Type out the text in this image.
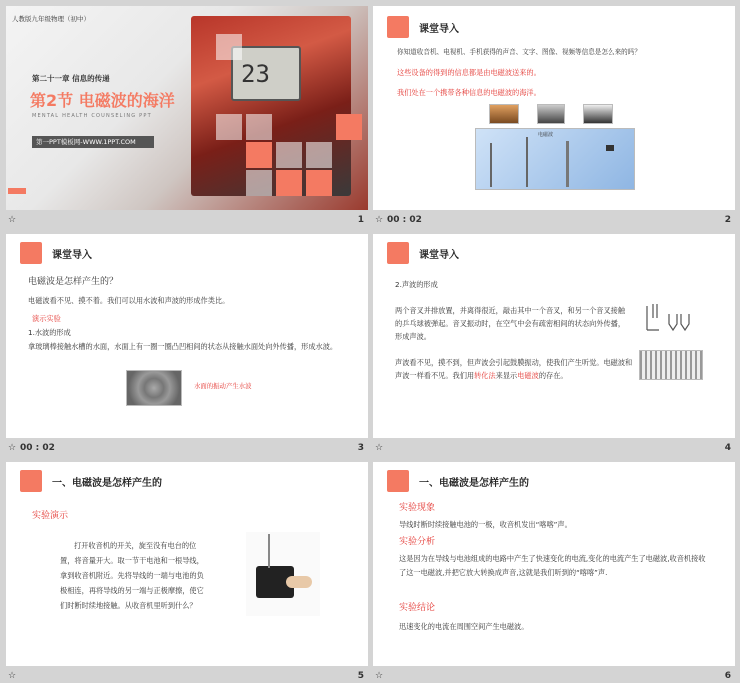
23
人教版九年级物理（初中）
第二十一章 信息的传递
第2节 电磁波的海洋
MENTAL HEALTH COUNSELING PPT
第一PPT模板网-WWW.1PPT.COM
☆	1
课堂导入
你知道收音机、电视机、手机获得的声音、文字、图像、视频等信息是怎么来的吗？
这些设备的得到的信息都是由电磁波送来的。
我们处在一个携带各种信息的电磁波的海洋。
电磁波
☆ 00 : 02	2
课堂导入
电磁波是怎样产生的？
电磁波看不见、摸不着。我们可以用水波和声波的形成作类比。
演示实验
1.水波的形成
拿玻璃棒接触水槽的水面，水面上有一圈一圈凸凹相间的状态从接触水面处向外传播，形成水波。
水面的振动产生水波
☆ 00 : 02	3
课堂导入
2.声波的形成
两个音叉并排放置，并离得很近，敲击其中一个音叉，和另一个音叉接触的乒乓球被弹起。音叉振动时，在空气中会有疏密相间的状态向外传播，形成声波。
声波看不见，摸不到，但声波会引起鼓膜振动，使我们产生听觉。电磁波和声波一样看不见。我们用转化法来显示电磁波的存在。
☆	4
一、电磁波是怎样产生的
实验演示
打开收音机的开关，旋至没有电台的位置，将音量开大。取一节干电池和一根导线，拿到收音机附近。先将导线的一端与电池的负极相连，再将导线的另一端与正极摩擦，使它们时断时续地接触。从收音机里听到什么？
☆	5
一、电磁波是怎样产生的
实验现象
导线时断时续接触电池的一极，收音机发出“喀喀”声。
实验分析
这是因为在导线与电池组成的电路中产生了快速变化的电流,变化的电流产生了电磁波,收音机接收了这一电磁波,并把它放大转换成声音,这就是我们听到的“喀喀”声.
实验结论
迅速变化的电流在周围空间产生电磁波。
☆	6
